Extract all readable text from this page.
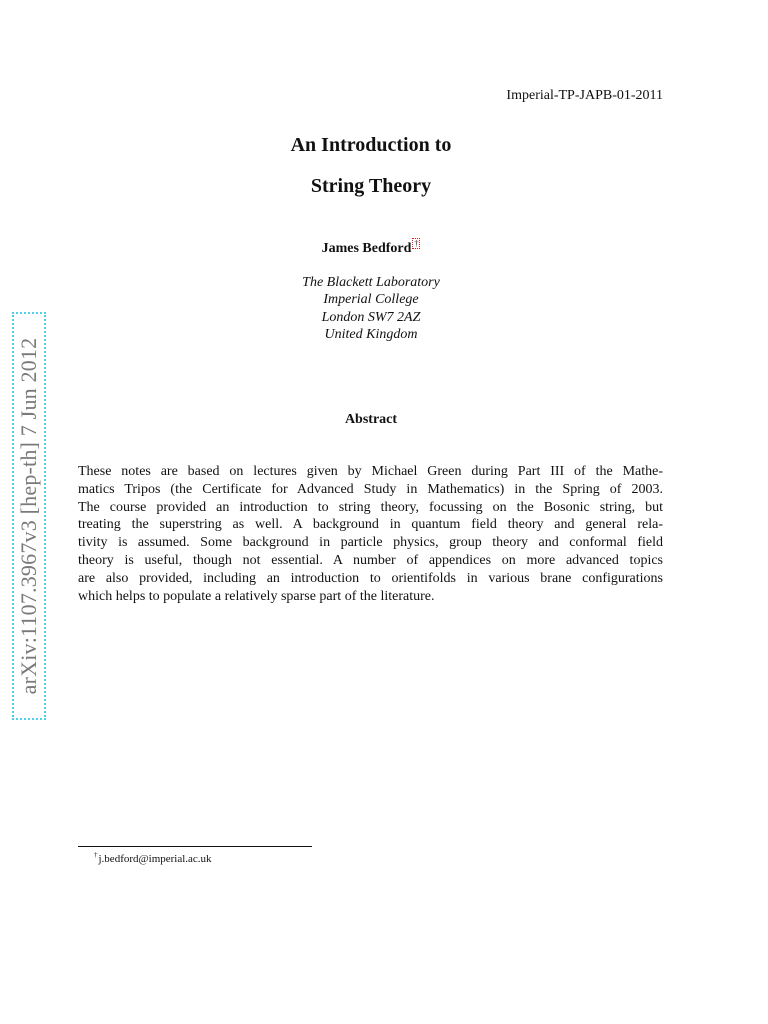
Imperial-TP-JAPB-01-2011
An Introduction to
String Theory
James Bedford †
The Blackett Laboratory
Imperial College
London SW7 2AZ
United Kingdom
Abstract
These notes are based on lectures given by Michael Green during Part III of the Mathe-
matics Tripos (the Certificate for Advanced Study in Mathematics) in the Spring of 2003.
The course provided an introduction to string theory, focussing on the Bosonic string, but
treating the superstring as well. A background in quantum field theory and general rela-
tivity is assumed. Some background in particle physics, group theory and conformal field
theory is useful, though not essential. A number of appendices on more advanced topics
are also provided, including an introduction to orientifolds in various brane configurations
which helps to populate a relatively sparse part of the literature.
arXiv:1107.3967v3 [hep-th] 7 Jun 2012
†j.bedford@imperial.ac.uk
